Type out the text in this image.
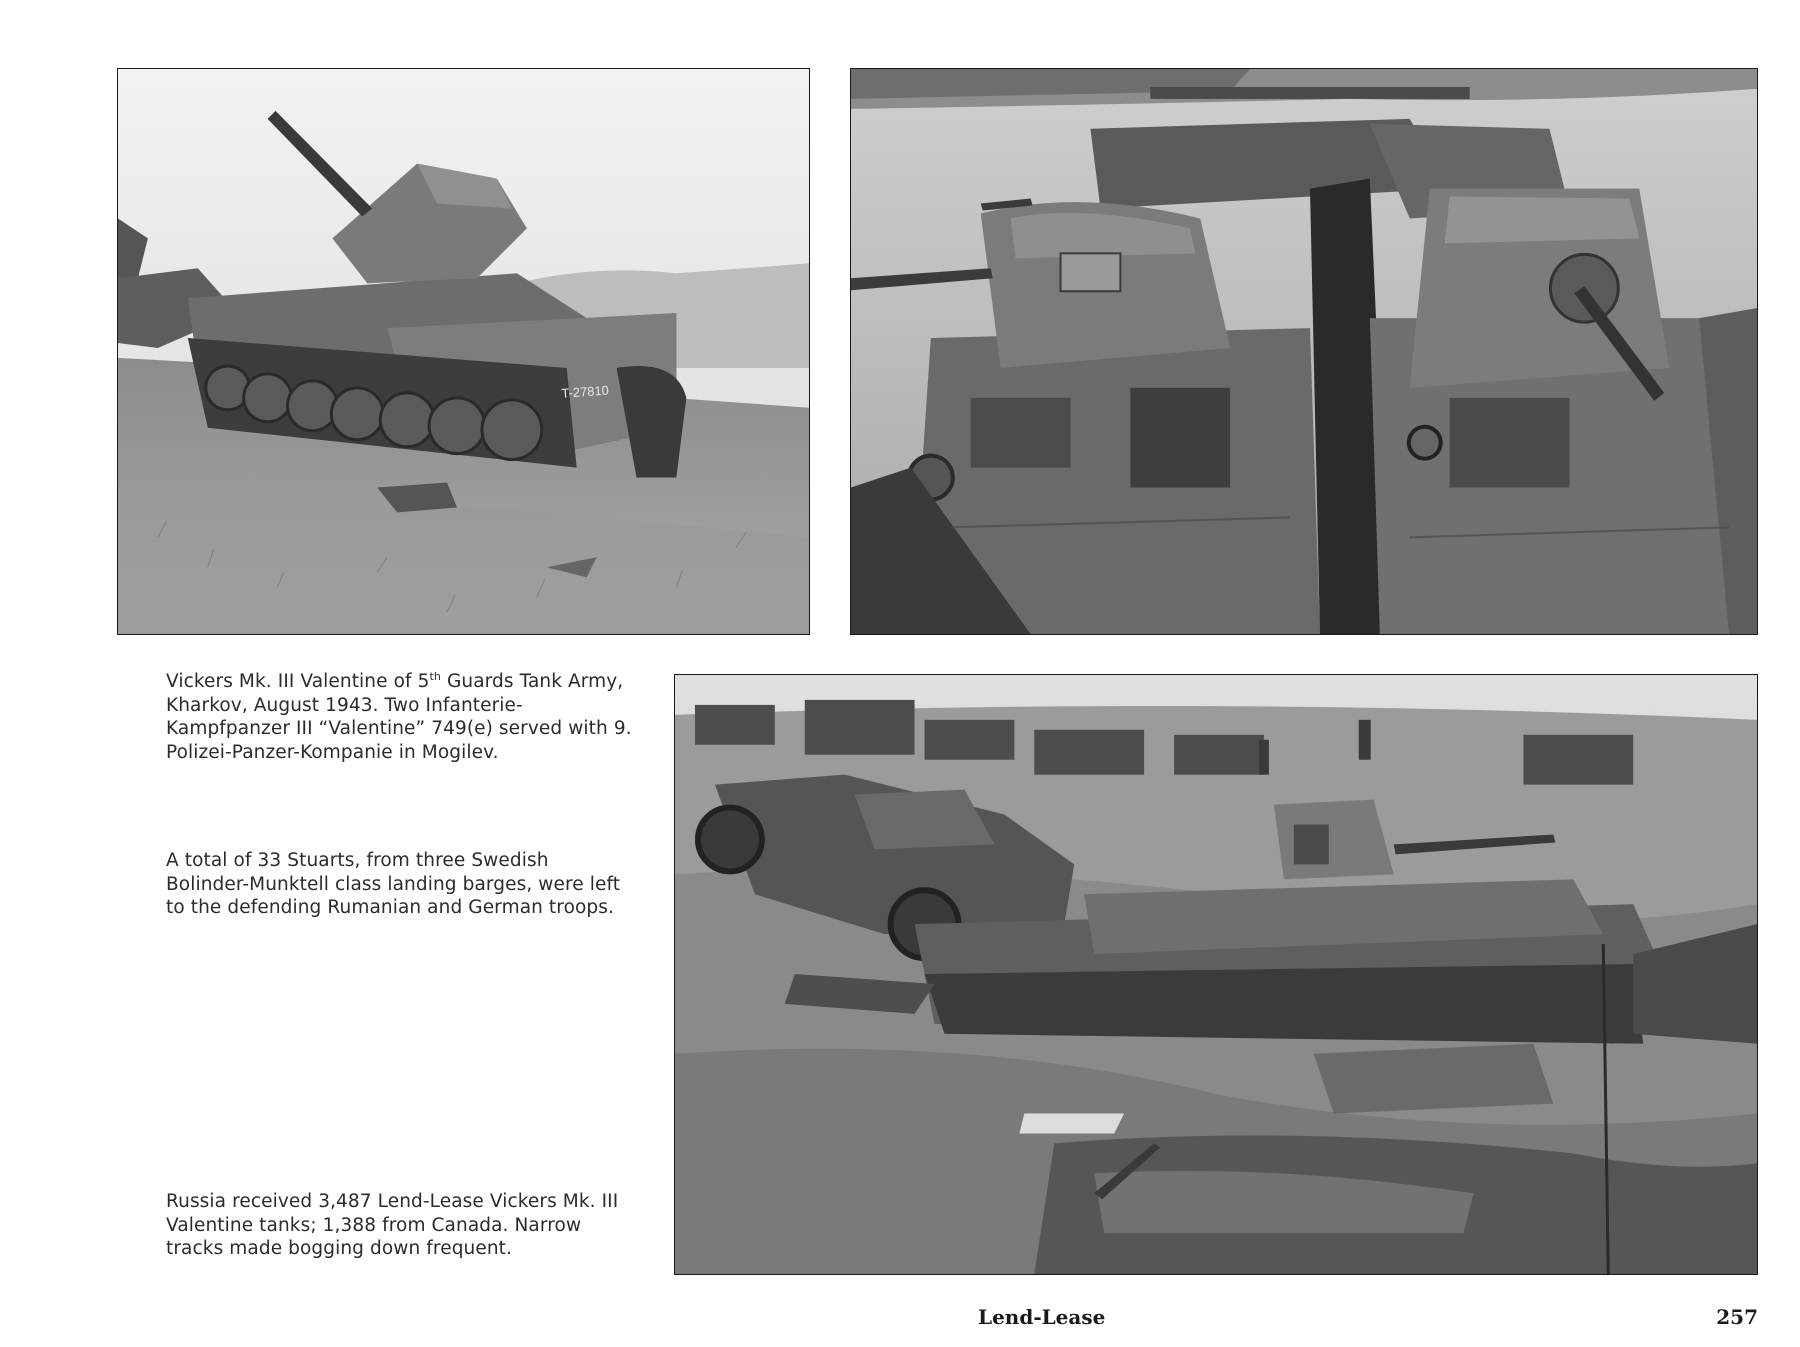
T-27810

Vickers Mk. III Valentine of 5th Guards Tank Army, Kharkov, August 1943. Two Infanterie-Kampfpanzer III “Valentine” 749(e) served with 9. Polizei-Panzer-Kompanie in Mogilev.

A total of 33 Stuarts, from three Swedish Bolinder-Munktell class landing barges, were left to the defending Rumanian and German troops.

Russia received 3,487 Lend-Lease Vickers Mk. III Valentine tanks; 1,388 from Canada. Narrow tracks made bogging down frequent.

Lend-Lease	257
